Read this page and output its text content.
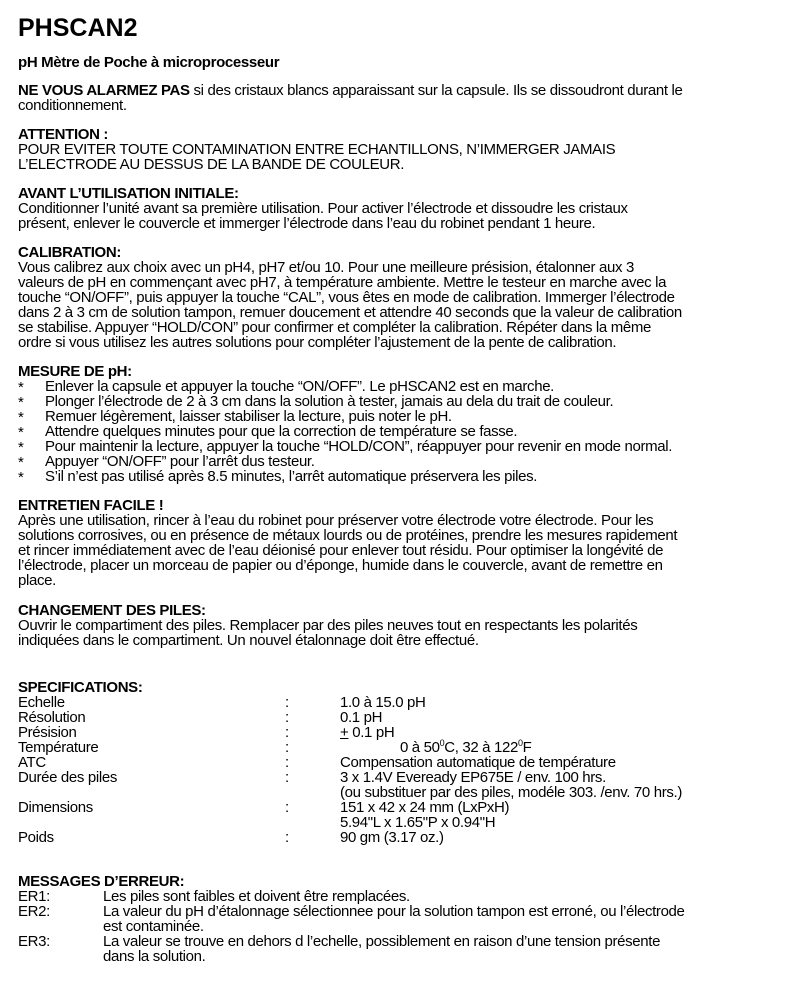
PHSCAN2
pH Mètre de Poche à microprocesseur
NE VOUS ALARMEZ PAS si des cristaux blancs apparaissant sur la capsule. Ils se dissoudront durant le
conditionnement.
ATTENTION :
POUR EVITER TOUTE CONTAMINATION ENTRE ECHANTILLONS, N’IMMERGER JAMAIS
L’ELECTRODE AU DESSUS DE LA BANDE DE COULEUR.
AVANT L’UTILISATION INITIALE:
Conditionner l’unité avant sa première utilisation. Pour activer l’électrode et dissoudre les cristaux
présent, enlever le couvercle et immerger l’électrode dans l’eau du robinet pendant 1 heure.
CALIBRATION:
Vous calibrez aux choix avec un pH4, pH7 et/ou 10. Pour une meilleure présision, étalonner aux 3
valeurs de pH en commençant avec pH7, à température ambiente. Mettre le testeur en marche avec la
touche “ON/OFF”, puis appuyer la touche “CAL”, vous êtes en mode de calibration. Immerger l’électrode
dans 2 à 3 cm de solution tampon, remuer doucement et attendre 40 seconds que la valeur de calibration
se stabilise. Appuyer “HOLD/CON” pour confirmer et compléter la calibration. Répéter dans la même
ordre si vous utilisez les autres solutions pour compléter l’ajustement de la pente de calibration.
MESURE DE pH:
* Enlever la capsule et appuyer la touche “ON/OFF”. Le pHSCAN2 est en marche.
* Plonger l’électrode de 2 à 3 cm dans la solution à tester, jamais au dela du trait de couleur.
* Remuer légèrement, laisser stabiliser la lecture, puis noter le pH.
* Attendre quelques minutes pour que la correction de température se fasse.
* Pour maintenir la lecture, appuyer la touche “HOLD/CON”, réappuyer pour revenir en mode normal.
* Appuyer “ON/OFF” pour l’arrêt dus testeur.
* S’il n’est pas utilisé après 8.5 minutes, l’arrêt automatique préservera les piles.
ENTRETIEN FACILE !
Après une utilisation, rincer à l’eau du robinet pour préserver votre électrode votre électrode. Pour les
solutions corrosives, ou en présence de métaux lourds ou de protéines, prendre les mesures rapidement
et rincer immédiatement avec de l’eau déionisé pour enlever tout résidu. Pour optimiser la longévité de
l’électrode, placer un morceau de papier ou d’éponge, humide dans le couvercle, avant de remettre en
place.
CHANGEMENT DES PILES:
Ouvrir le compartiment des piles. Remplacer par des piles neuves tout en respectants les polarités
indiquées dans le compartiment. Un nouvel étalonnage doit être effectué.
SPECIFICATIONS:
Echelle	:	1.0 à 15.0 pH
Résolution	:	0.1 pH
Présision	:	+ 0.1 pH
Température	:	0 à $50^0C$, 32 à $122^0F$
ATC	:	Compensation automatique de température
Durée des piles	:	3 x 1.4V Eveready EP675E / env. 100 hrs.
(ou substituer par des piles, modéle 303. /env. 70 hrs.)
Dimensions	:	151 x 42 x 24 mm (LxPxH)
5.94"L x 1.65"P x 0.94"H
Poids	:	90 gm (3.17 oz.)
MESSAGES D’ERREUR:
ER1:	Les piles sont faibles et doivent être remplacées.
ER2:	La valeur du pH d’étalonnage sélectionnee pour la solution tampon est erroné, ou l’électrode
est contaminée.
ER3:	La valeur se trouve en dehors d l’echelle, possiblement en raison d’une tension présente
dans la solution.
